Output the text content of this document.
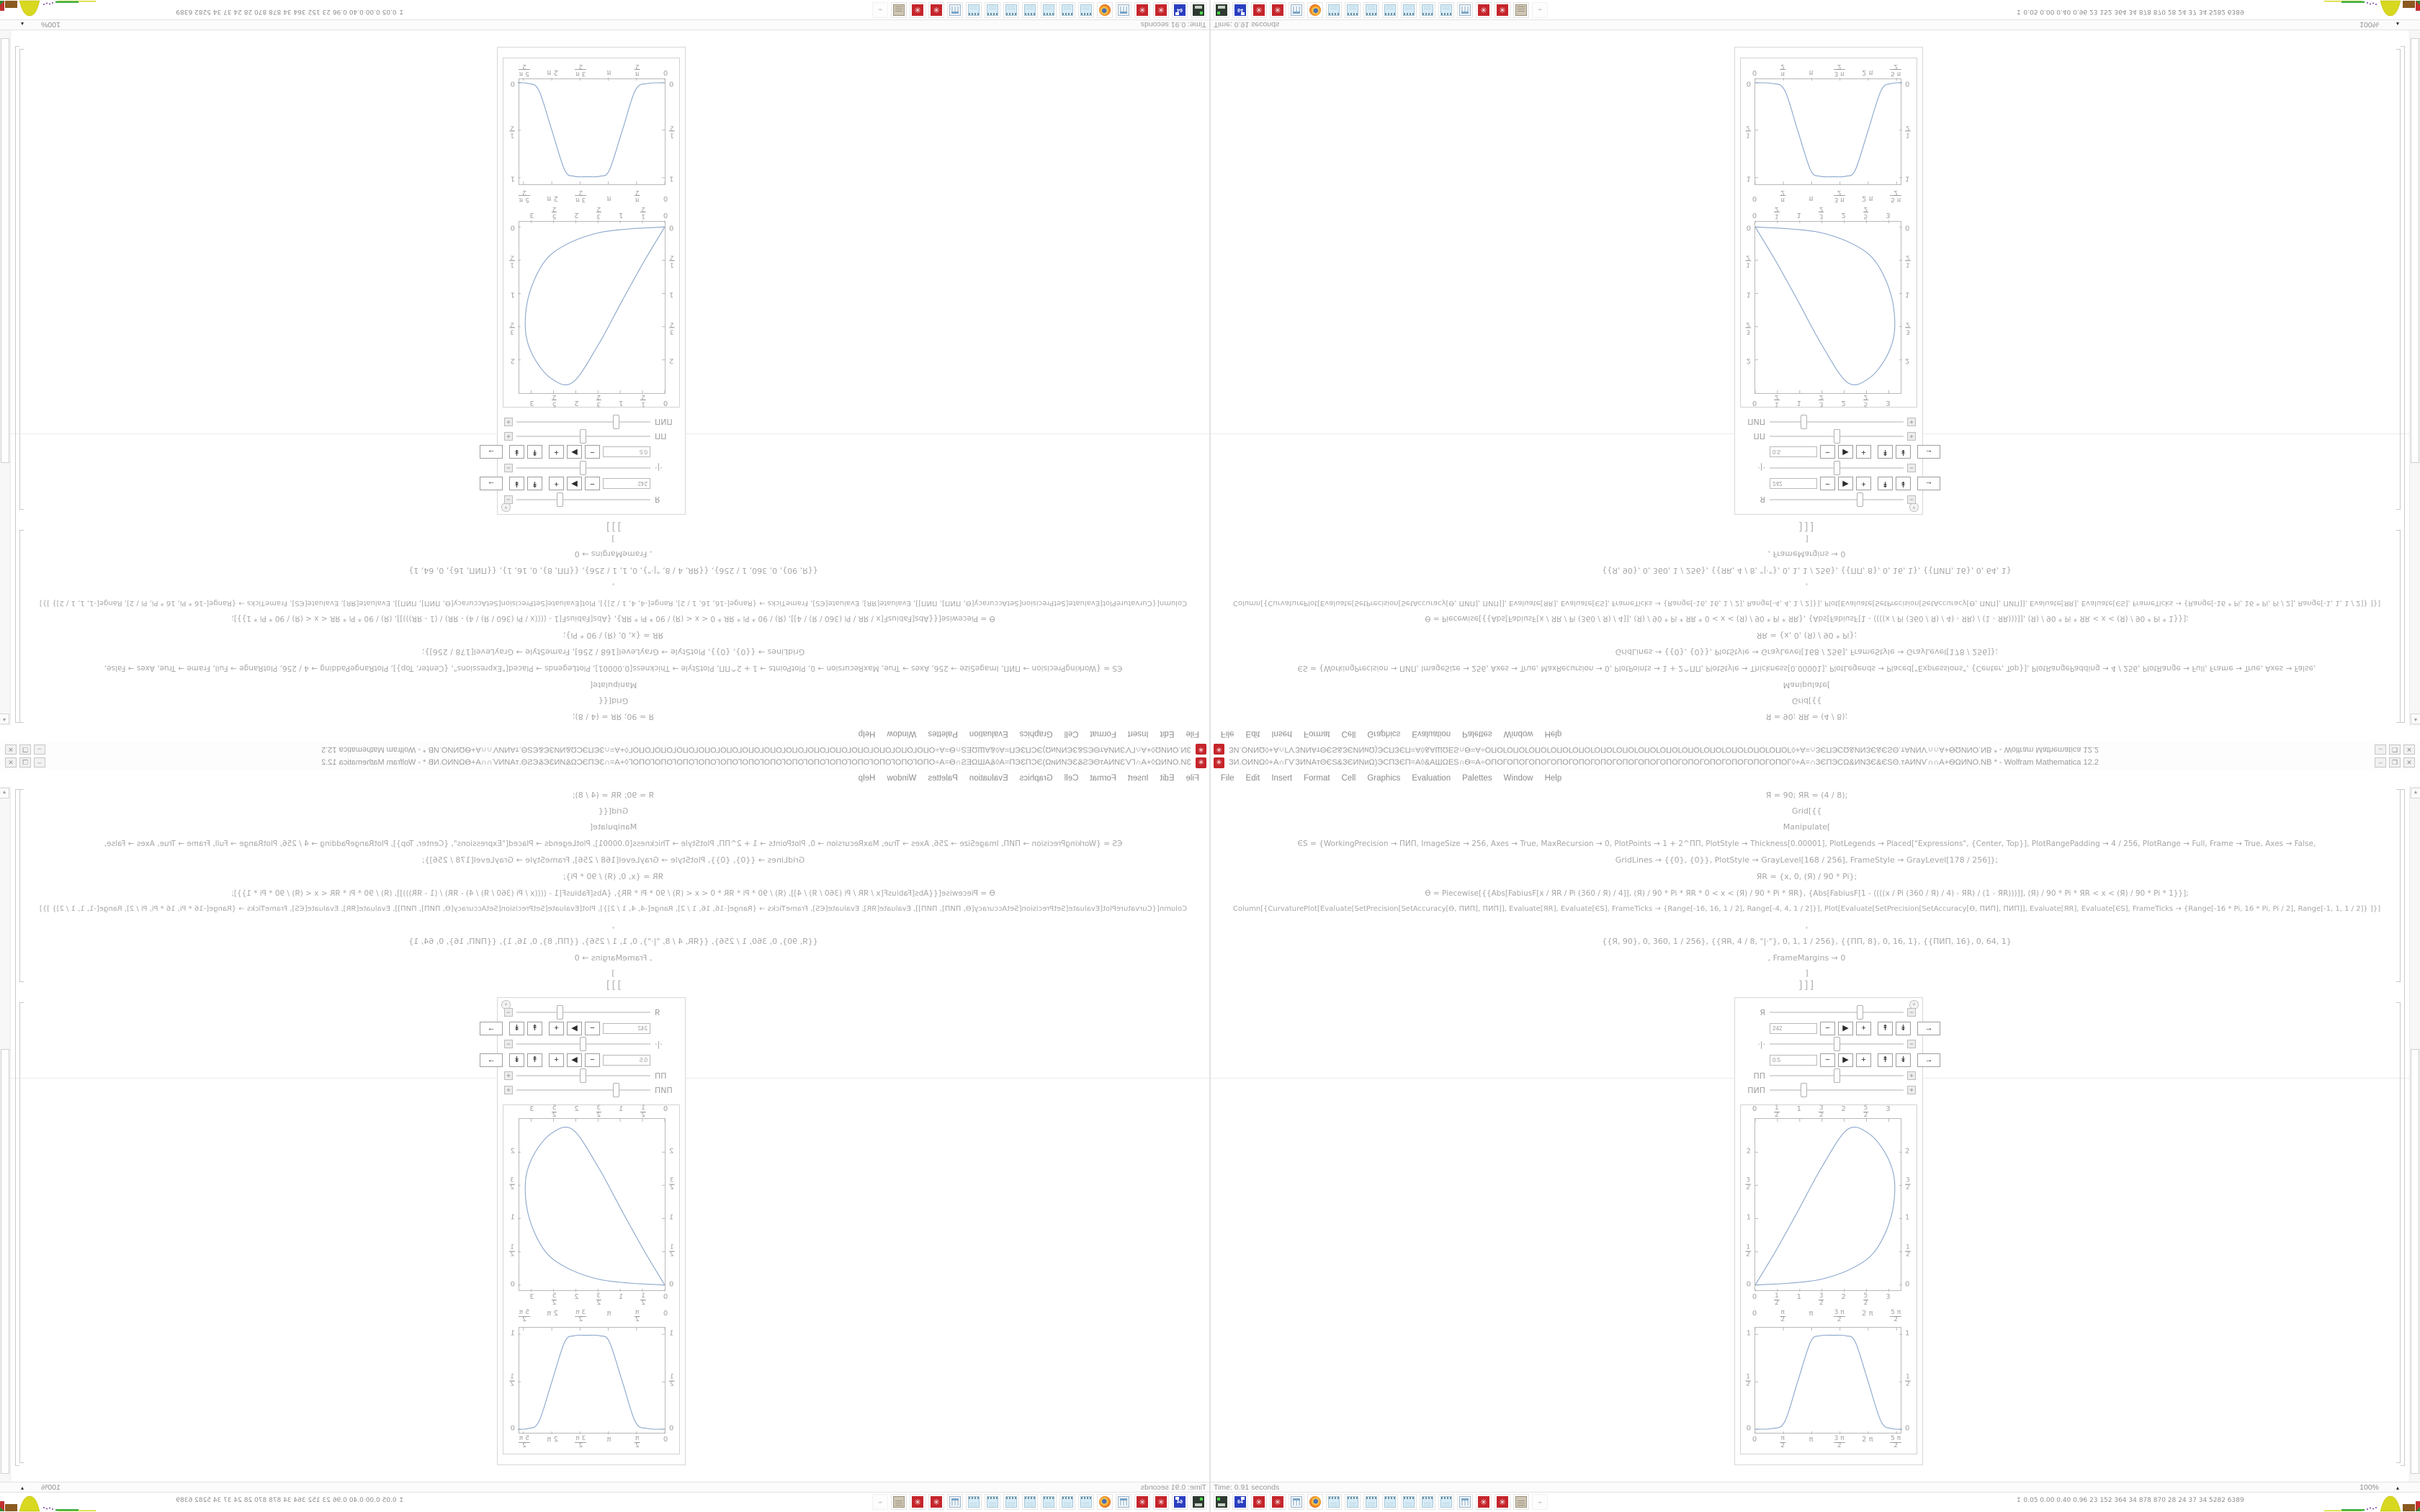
✳ ЗИ.ОИNΩ◊+А∩ΓѴЗИNАтΘЄЅ&ЗЄИNиΩ)ЭСПЗЄП=А◊&АШΩЕЅ∩Ѳ=А÷ОПОГОПОГОПОГОПОГОПОГОПОГОПОГОПОГОПОГОПОГОПОГОПОГОПОГОПОГ◊+А=∩ЗЄПЭСΩ&ИNЗЄ&ЄЅΘ.тАИNѴ∩∩А+ѲΩИNО.NB * - Wolfram Mathematica 12.2	–	❐	✕
File	Edit	Insert	Format	Cell	Graphics	Evaluation	Palettes	Window	Help
Я = 90; ЯR = (4 / 8);
Grid[{{
Manipulate[
ЄS = {WorkingPrecision → ПИП, ImageSize → 256, Axes → True, MaxRecursion → 0, PlotPoints → 1 + 2^ПП, PlotStyle → Thickness[0.00001], PlotLegends → Placed["Expressions", {Center, Top}], PlotRangePadding → 4 / 256, PlotRange → Full, Frame → True, Axes → False,
GridLines → {{0}, {0}}, PlotStyle → GrayLevel[168 / 256], FrameStyle → GrayLevel[178 / 256]};
ЯR = {x, 0, (Я) / 90 * Pi};
Ѳ = Piecewise[{{Abs[FabiusF[x / ЯR / Pi (360 / Я) / 4]], (Я) / 90 * Pi * ЯR * 0 < x < (Я) / 90 * Pi * ЯR}, {Abs[FabiusF[1 - ((((x / Pi (360 / Я) / 4) - ЯR) / (1 - ЯR)))]], (Я) / 90 * Pi * ЯR < x < (Я) / 90 * Pi * 1}}];
Column[{CurvaturePlot[Evaluate[SetPrecision[SetAccuracy[Ѳ, ПИП], ПИП]], Evaluate[ЯR], Evaluate[ЄS], FrameTicks → {Range[-16, 16, 1 / 2], Range[-4, 4, 1 / 2]}], Plot[Evaluate[SetPrecision[SetAccuracy[Ѳ, ПИП], ПИП]], Evaluate[ЯR], Evaluate[ЄS], FrameTicks → {Range[-16 * Pi, 16 * Pi, Pi / 2], Range[-1, 1, 1 / 2]} ]}]
,
{{Я, 90}, 0, 360, 1 / 256}, {{ЯR, 4 / 8, "|·"}, 0, 1, 1 / 256}, {{ПП, 8}, 0, 16, 1}, {{ПИП, 16}, 0, 64, 1}
, FrameMargins → 0
]
]]]
+
Я	−
242
−	▶	+	↟	↡	→
·|·	−
0.5
−	▶	+	↟	↡	→
ПП	+
ПИП	+
0
0
$\frac{1}{2}$
$\frac{1}{2}$
1
1
$\frac{3}{2}$
$\frac{3}{2}$
2
2
$\frac{5}{2}$
$\frac{5}{2}$
3
3
0	0
$\frac{1}{2}$	$\frac{1}{2}$
1	1
$\frac{3}{2}$	$\frac{3}{2}$
2	2
0
0
$\frac{\pi}{2}$
$\frac{\pi}{2}$
π
π
$\frac{3 \pi}{2}$
$\frac{3 \pi}{2}$
2 π
2 π
$\frac{5 \pi}{2}$
$\frac{5 \pi}{2}$
0	0
$\frac{1}{2}$	$\frac{1}{2}$
1	1
▲
Time: 0.91 seconds	100%	▴
64	✳	✳	✳	✳	⌁	↥ 0.05 0.00 0.40 0.96 23 152 364 34 878 870 28 24 37 34 5282 6389
✳
ЗИ.ОИNΩ◊+А∩ΓѴЗИNАтΘЄЅ&ЗЄИNиΩ)ЭСПЗЄП=А◊&АШΩЕЅ∩Ѳ=А÷ОПОГОПОГОПОГОПОГОПОГОПОГОПОГОПОГОПОГОПОГОПОГОПОГОПОГОПОГ◊+А=∩ЗЄПЭСΩ&ИNЗЄ&ЄЅΘ.тАИNѴ∩∩А+ѲΩИNО.NB * - Wolfram Mathematica 12.2
–
❐
✕
File
Edit
Insert
Format
Cell
Graphics
Evaluation
Palettes
Window
Help
Я = 90; ЯR = (4 / 8);
Grid[{{
Manipulate[
ЄS = {WorkingPrecision → ПИП, ImageSize → 256, Axes → True, MaxRecursion → 0, PlotPoints → 1 + 2^ПП, PlotStyle → Thickness[0.00001], PlotLegends → Placed["Expressions", {Center, Top}], PlotRangePadding → 4 / 256, PlotRange → Full, Frame → True, Axes → False,
GridLines → {{0}, {0}}, PlotStyle → GrayLevel[168 / 256], FrameStyle → GrayLevel[178 / 256]};
ЯR = {x, 0, (Я) / 90 * Pi};
Ѳ = Piecewise[{{Abs[FabiusF[x / ЯR / Pi (360 / Я) / 4]], (Я) / 90 * Pi * ЯR * 0 < x < (Я) / 90 * Pi * ЯR}, {Abs[FabiusF[1 - ((((x / Pi (360 / Я) / 4) - ЯR) / (1 - ЯR)))]], (Я) / 90 * Pi * ЯR < x < (Я) / 90 * Pi * 1}}];
Column[{CurvaturePlot[Evaluate[SetPrecision[SetAccuracy[Ѳ, ПИП], ПИП]], Evaluate[ЯR], Evaluate[ЄS], FrameTicks → {Range[-16, 16, 1 / 2], Range[-4, 4, 1 / 2]}], Plot[Evaluate[SetPrecision[SetAccuracy[Ѳ, ПИП], ПИП]], Evaluate[ЯR], Evaluate[ЄS], FrameTicks → {Range[-16 * Pi, 16 * Pi, Pi / 2], Range[-1, 1, 1 / 2]} ]}]
,
{{Я, 90}, 0, 360, 1 / 256}, {{ЯR, 4 / 8, "|·"}, 0, 1, 1 / 256}, {{ПП, 8}, 0, 16, 1}, {{ПИП, 16}, 0, 64, 1}
, FrameMargins → 0
]
]]]
+
Я
−
242
−
▶
+
↟
↡
→
·|·
−
0.5
−
▶
+
↟
↡
→
ПП
+
ПИП
+
0
0
$\frac{1}{2}$
$\frac{1}{2}$
1
1
$\frac{3}{2}$
$\frac{3}{2}$
2
2
$\frac{5}{2}$
$\frac{5}{2}$
3
3
0
0
$\frac{1}{2}$
$\frac{1}{2}$
1
1
$\frac{3}{2}$
$\frac{3}{2}$
2
2
0
0
$\frac{\pi}{2}$
$\frac{\pi}{2}$
π
π
$\frac{3 \pi}{2}$
$\frac{3 \pi}{2}$
2 π
2 π
$\frac{5 \pi}{2}$
$\frac{5 \pi}{2}$
0
0
$\frac{1}{2}$
$\frac{1}{2}$
1
1
▲
Time: 0.91 seconds
100%
▴
64
✳
✳
✳
✳
⌁
↥ 0.05 0.00 0.40 0.96 23 152 364 34 878 870 28 24 37 34 5282 6389
✳ ЗИ.ОИNΩ◊+А∩ΓѴЗИNАтΘЄЅ&ЗЄИNиΩ)ЭСПЗЄП=А◊&АШΩЕЅ∩Ѳ=А÷ОПОГОПОГОПОГОПОГОПОГОПОГОПОГОПОГОПОГОПОГОПОГОПОГОПОГОПОГ◊+А=∩ЗЄПЭСΩ&ИNЗЄ&ЄЅΘ.тАИNѴ∩∩А+ѲΩИNО.NB * - Wolfram Mathematica 12.2	–	❐	✕
File	Edit	Insert	Format	Cell	Graphics	Evaluation	Palettes	Window	Help
Я = 90; ЯR = (4 / 8);
Grid[{{
Manipulate[
ЄS = {WorkingPrecision → ПИП, ImageSize → 256, Axes → True, MaxRecursion → 0, PlotPoints → 1 + 2^ПП, PlotStyle → Thickness[0.00001], PlotLegends → Placed["Expressions", {Center, Top}], PlotRangePadding → 4 / 256, PlotRange → Full, Frame → True, Axes → False,
GridLines → {{0}, {0}}, PlotStyle → GrayLevel[168 / 256], FrameStyle → GrayLevel[178 / 256]};
ЯR = {x, 0, (Я) / 90 * Pi};
Ѳ = Piecewise[{{Abs[FabiusF[x / ЯR / Pi (360 / Я) / 4]], (Я) / 90 * Pi * ЯR * 0 < x < (Я) / 90 * Pi * ЯR}, {Abs[FabiusF[1 - ((((x / Pi (360 / Я) / 4) - ЯR) / (1 - ЯR)))]], (Я) / 90 * Pi * ЯR < x < (Я) / 90 * Pi * 1}}];
Column[{CurvaturePlot[Evaluate[SetPrecision[SetAccuracy[Ѳ, ПИП], ПИП]], Evaluate[ЯR], Evaluate[ЄS], FrameTicks → {Range[-16, 16, 1 / 2], Range[-4, 4, 1 / 2]}], Plot[Evaluate[SetPrecision[SetAccuracy[Ѳ, ПИП], ПИП]], Evaluate[ЯR], Evaluate[ЄS], FrameTicks → {Range[-16 * Pi, 16 * Pi, Pi / 2], Range[-1, 1, 1 / 2]} ]}]
,
{{Я, 90}, 0, 360, 1 / 256}, {{ЯR, 4 / 8, "|·"}, 0, 1, 1 / 256}, {{ПП, 8}, 0, 16, 1}, {{ПИП, 16}, 0, 64, 1}
, FrameMargins → 0
]
]]]
+
Я	−
242
−	▶	+	↟	↡	→
·|·	−
0.5
−	▶	+	↟	↡	→
ПП	+
ПИП	+
0
0
1
2
1
2
1
1
3
2
3
2
2
2
5
2
5
2
3
3
0	0
1
2
1
2
1	1
3
2
3
2
2	2
0
0
π
2
π
2
π
π
3 π
2
3 π
2
2 π
2 π
5 π
2
5 π
2
0	0
1
2
1
2
1	1
▲
Time: 0.91 seconds	100%	▴
64	✳	✳	✳	✳	⌁	↥ 0.05 0.00 0.40 0.96 23 152 364 34 878 870 28 24 37 34 5282 6389
✳
ЗИ.ОИNΩ◊+А∩ΓѴЗИNАтΘЄЅ&ЗЄИNиΩ)ЭСПЗЄП=А◊&АШΩЕЅ∩Ѳ=А÷ОПОГОПОГОПОГОПОГОПОГОПОГОПОГОПОГОПОГОПОГОПОГОПОГОПОГОПОГ◊+А=∩ЗЄПЭСΩ&ИNЗЄ&ЄЅΘ.тАИNѴ∩∩А+ѲΩИNО.NB * - Wolfram Mathematica 12.2
–
❐
✕
File
Edit
Insert
Format
Cell
Graphics
Evaluation
Palettes
Window
Help
Я = 90; ЯR = (4 / 8);
Grid[{{
Manipulate[
ЄS = {WorkingPrecision → ПИП, ImageSize → 256, Axes → True, MaxRecursion → 0, PlotPoints → 1 + 2^ПП, PlotStyle → Thickness[0.00001], PlotLegends → Placed["Expressions", {Center, Top}], PlotRangePadding → 4 / 256, PlotRange → Full, Frame → True, Axes → False,
GridLines → {{0}, {0}}, PlotStyle → GrayLevel[168 / 256], FrameStyle → GrayLevel[178 / 256]};
ЯR = {x, 0, (Я) / 90 * Pi};
Ѳ = Piecewise[{{Abs[FabiusF[x / ЯR / Pi (360 / Я) / 4]], (Я) / 90 * Pi * ЯR * 0 < x < (Я) / 90 * Pi * ЯR}, {Abs[FabiusF[1 - ((((x / Pi (360 / Я) / 4) - ЯR) / (1 - ЯR)))]], (Я) / 90 * Pi * ЯR < x < (Я) / 90 * Pi * 1}}];
Column[{CurvaturePlot[Evaluate[SetPrecision[SetAccuracy[Ѳ, ПИП], ПИП]], Evaluate[ЯR], Evaluate[ЄS], FrameTicks → {Range[-16, 16, 1 / 2], Range[-4, 4, 1 / 2]}], Plot[Evaluate[SetPrecision[SetAccuracy[Ѳ, ПИП], ПИП]], Evaluate[ЯR], Evaluate[ЄS], FrameTicks → {Range[-16 * Pi, 16 * Pi, Pi / 2], Range[-1, 1, 1 / 2]} ]}]
,
{{Я, 90}, 0, 360, 1 / 256}, {{ЯR, 4 / 8, "|·"}, 0, 1, 1 / 256}, {{ПП, 8}, 0, 16, 1}, {{ПИП, 16}, 0, 64, 1}
, FrameMargins → 0
]
]]]
+
Я
−
242
−
▶
+
↟
↡
→
·|·
−
0.5
−
▶
+
↟
↡
→
ПП
+
ПИП
+
0
0
1
2
1
2
1
1
3
2
3
2
2
2
5
2
5
2
3
3
0
0
1
2
1
2
1
1
3
2
3
2
2
2
0
0
π
2
π
2
π
π
3 π
2
3 π
2
2 π
2 π
5 π
2
5 π
2
0
0
1
2
1
2
1
1
▲
Time: 0.91 seconds
100%
▴
64
✳
✳
✳
✳
⌁
↥ 0.05 0.00 0.40 0.96 23 152 364 34 878 870 28 24 37 34 5282 6389
